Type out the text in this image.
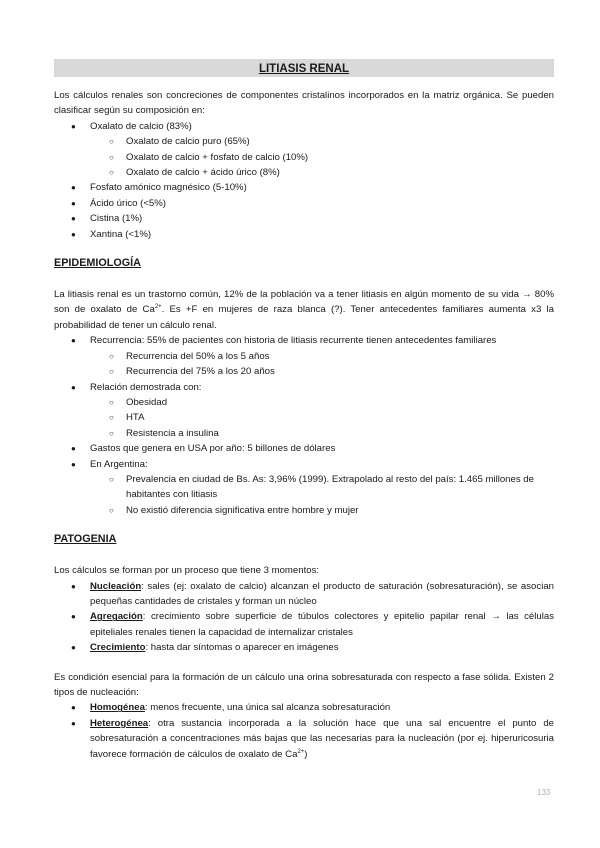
LITIASIS RENAL

Los cálculos renales son concreciones de componentes cristalinos incorporados en la matriz orgánica. Se pueden clasificar según su composición en:

● Oxalato de calcio (83%)
○ Oxalato de calcio puro (65%)
○ Oxalato de calcio + fosfato de calcio (10%)
○ Oxalato de calcio + ácido úrico (8%)
● Fosfato amónico magnésico (5-10%)
● Ácido úrico (<5%)
● Cistina (1%)
● Xantina (<1%)
EPIDEMIOLOGÍA

La litiasis renal es un trastorno común, 12% de la población va a tener litiasis en algún momento de su vida → 80% son de oxalato de $Ca^{2+}$. Es +F en mujeres de raza blanca (?). Tener antecedentes familiares aumenta x3 la probabilidad de tener un cálculo renal.

● Recurrencia: 55% de pacientes con historia de litiasis recurrente tienen antecedentes familiares
○ Recurrencia del 50% a los 5 años
○ Recurrencia del 75% a los 20 años
● Relación demostrada con:
○ Obesidad
○ HTA
○ Resistencia a insulina
● Gastos que genera en USA por año: 5 billones de dólares
● En Argentina:
○ Prevalencia en ciudad de Bs. As: 3,96% (1999). Extrapolado al resto del país: 1.465 millones de habitantes con litiasis
○ No existió diferencia significativa entre hombre y mujer
PATOGENIA

Los cálculos se forman por un proceso que tiene 3 momentos:

● Nucleación: sales (ej: oxalato de calcio) alcanzan el producto de saturación (sobresaturación), se asocian pequeñas cantidades de cristales y forman un núcleo
● Agregación: crecimiento sobre superficie de túbulos colectores y epitelio papilar renal → las células epiteliales renales tienen la capacidad de internalizar cristales
● Crecimiento: hasta dar síntomas o aparecer en imágenes

Es condición esencial para la formación de un cálculo una orina sobresaturada con respecto a fase sólida. Existen 2 tipos de nucleación:

● Homogénea: menos frecuente, una única sal alcanza sobresaturación
● Heterogénea: otra sustancia incorporada a la solución hace que una sal encuentre el punto de sobresaturación a concentraciones más bajas que las necesarias para la nucleación (por ej. hiperuricosuria favorece formación de cálculos de oxalato de $Ca^{2+}$)
133
